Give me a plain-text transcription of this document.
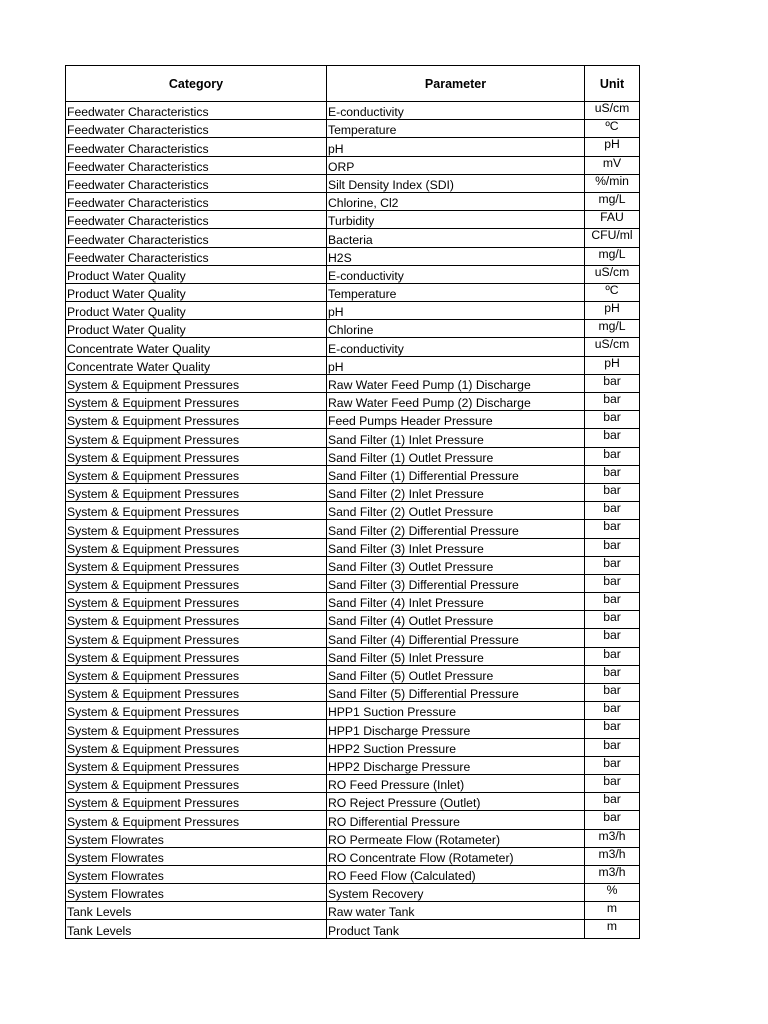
Category	Parameter	Unit
Feedwater Characteristics	E-conductivity	uS/cm
Feedwater Characteristics	Temperature	ºC
Feedwater Characteristics	pH	pH
Feedwater Characteristics	ORP	mV
Feedwater Characteristics	Silt Density Index (SDI)	%/min
Feedwater Characteristics	Chlorine, Cl2	mg/L
Feedwater Characteristics	Turbidity	FAU
Feedwater Characteristics	Bacteria	CFU/ml
Feedwater Characteristics	H2S	mg/L
Product Water Quality	E-conductivity	uS/cm
Product Water Quality	Temperature	ºC
Product Water Quality	pH	pH
Product Water Quality	Chlorine	mg/L
Concentrate Water Quality	E-conductivity	uS/cm
Concentrate Water Quality	pH	pH
System & Equipment Pressures	Raw Water Feed Pump (1) Discharge	bar
System & Equipment Pressures	Raw Water Feed Pump (2) Discharge	bar
System & Equipment Pressures	Feed Pumps Header Pressure	bar
System & Equipment Pressures	Sand Filter (1) Inlet Pressure	bar
System & Equipment Pressures	Sand Filter (1) Outlet Pressure	bar
System & Equipment Pressures	Sand Filter (1) Differential Pressure	bar
System & Equipment Pressures	Sand Filter (2) Inlet Pressure	bar
System & Equipment Pressures	Sand Filter (2) Outlet Pressure	bar
System & Equipment Pressures	Sand Filter (2) Differential Pressure	bar
System & Equipment Pressures	Sand Filter (3) Inlet Pressure	bar
System & Equipment Pressures	Sand Filter (3) Outlet Pressure	bar
System & Equipment Pressures	Sand Filter (3) Differential Pressure	bar
System & Equipment Pressures	Sand Filter (4) Inlet Pressure	bar
System & Equipment Pressures	Sand Filter (4) Outlet Pressure	bar
System & Equipment Pressures	Sand Filter (4) Differential Pressure	bar
System & Equipment Pressures	Sand Filter (5) Inlet Pressure	bar
System & Equipment Pressures	Sand Filter (5) Outlet Pressure	bar
System & Equipment Pressures	Sand Filter (5) Differential Pressure	bar
System & Equipment Pressures	HPP1 Suction Pressure	bar
System & Equipment Pressures	HPP1 Discharge Pressure	bar
System & Equipment Pressures	HPP2 Suction Pressure	bar
System & Equipment Pressures	HPP2 Discharge Pressure	bar
System & Equipment Pressures	RO Feed Pressure (Inlet)	bar
System & Equipment Pressures	RO Reject Pressure (Outlet)	bar
System & Equipment Pressures	RO Differential Pressure	bar
System Flowrates	RO Permeate Flow (Rotameter)	m3/h
System Flowrates	RO Concentrate Flow (Rotameter)	m3/h
System Flowrates	RO Feed Flow (Calculated)	m3/h
System Flowrates	System Recovery	%
Tank Levels	Raw water Tank	m
Tank Levels	Product Tank	m
